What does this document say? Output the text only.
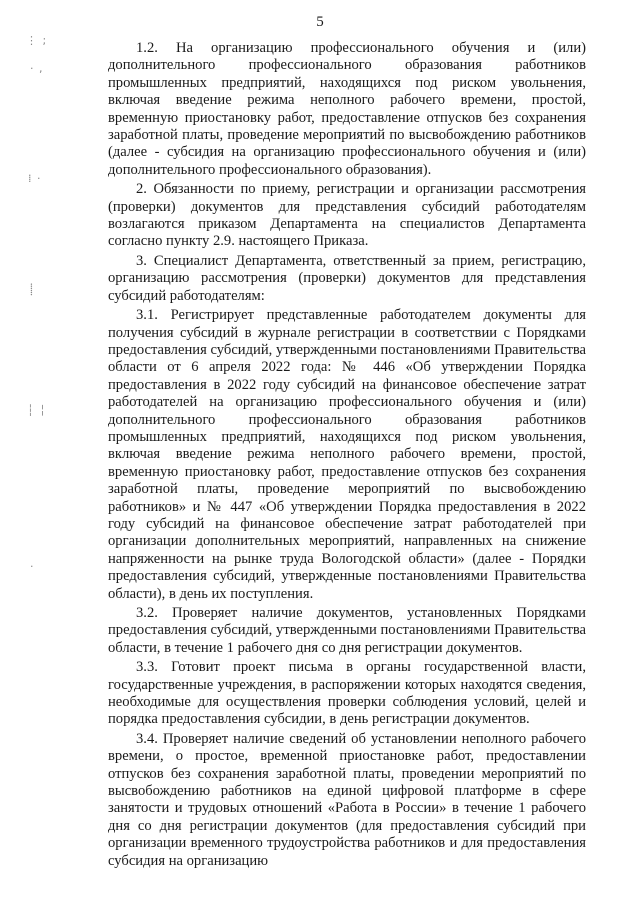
5
⋮ ;
· ,
⁞ ·
⸽
┆ ╎
·

1.2. На организацию профессионального обучения и (или) дополнительного профессионального образования работников промышленных предприятий, находящихся под риском увольнения, включая введение режима неполного рабочего времени, простой, временную приостановку работ, предоставление отпусков без сохранения заработной платы, проведение мероприятий по высвобождению работников (далее - субсидия на организацию профессионального обучения и (или) дополнительного профессионального образования).

2. Обязанности по приему, регистрации и организации рассмотрения (проверки) документов для представления субсидий работодателям возлагаются приказом Департамента на специалистов Департамента согласно пункту 2.9. настоящего Приказа.

3. Специалист Департамента, ответственный за прием, регистрацию, организацию рассмотрения (проверки) документов для представления субсидий работодателям:

3.1. Регистрирует представленные работодателем документы для получения субсидий в журнале регистрации в соответствии с Порядками предоставления субсидий, утвержденными постановлениями Правительства области от 6 апреля 2022 года: № 446 «Об утверждении Порядка предоставления в 2022 году субсидий на финансовое обеспечение затрат работодателей на организацию профессионального обучения и (или) дополнительного профессионального образования работников промышленных предприятий, находящихся под риском увольнения, включая введение режима неполного рабочего времени, простой, временную приостановку работ, предоставление отпусков без сохранения заработной платы, проведение мероприятий по высвобождению работников» и № 447 «Об утверждении Порядка предоставления в 2022 году субсидий на финансовое обеспечение затрат работодателей при организации дополнительных мероприятий, направленных на снижение напряженности на рынке труда Вологодской области» (далее - Порядки предоставления субсидий, утвержденные постановлениями Правительства области), в день их поступления.

3.2. Проверяет наличие документов, установленных Порядками предоставления субсидий, утвержденными постановлениями Правительства области, в течение 1 рабочего дня со дня регистрации документов.

3.3. Готовит проект письма в органы государственной власти, государственные учреждения, в распоряжении которых находятся сведения, необходимые для осуществления проверки соблюдения условий, целей и порядка предоставления субсидии, в день регистрации документов.

3.4. Проверяет наличие сведений об установлении неполного рабочего времени, о простое, временной приостановке работ, предоставлении отпусков без сохранения заработной платы, проведении мероприятий по высвобождению работников на единой цифровой платформе в сфере занятости и трудовых отношений «Работа в России» в течение 1 рабочего дня со дня регистрации документов (для предоставления субсидий при организации временного трудоустройства работников и для предоставления субсидия на организацию
